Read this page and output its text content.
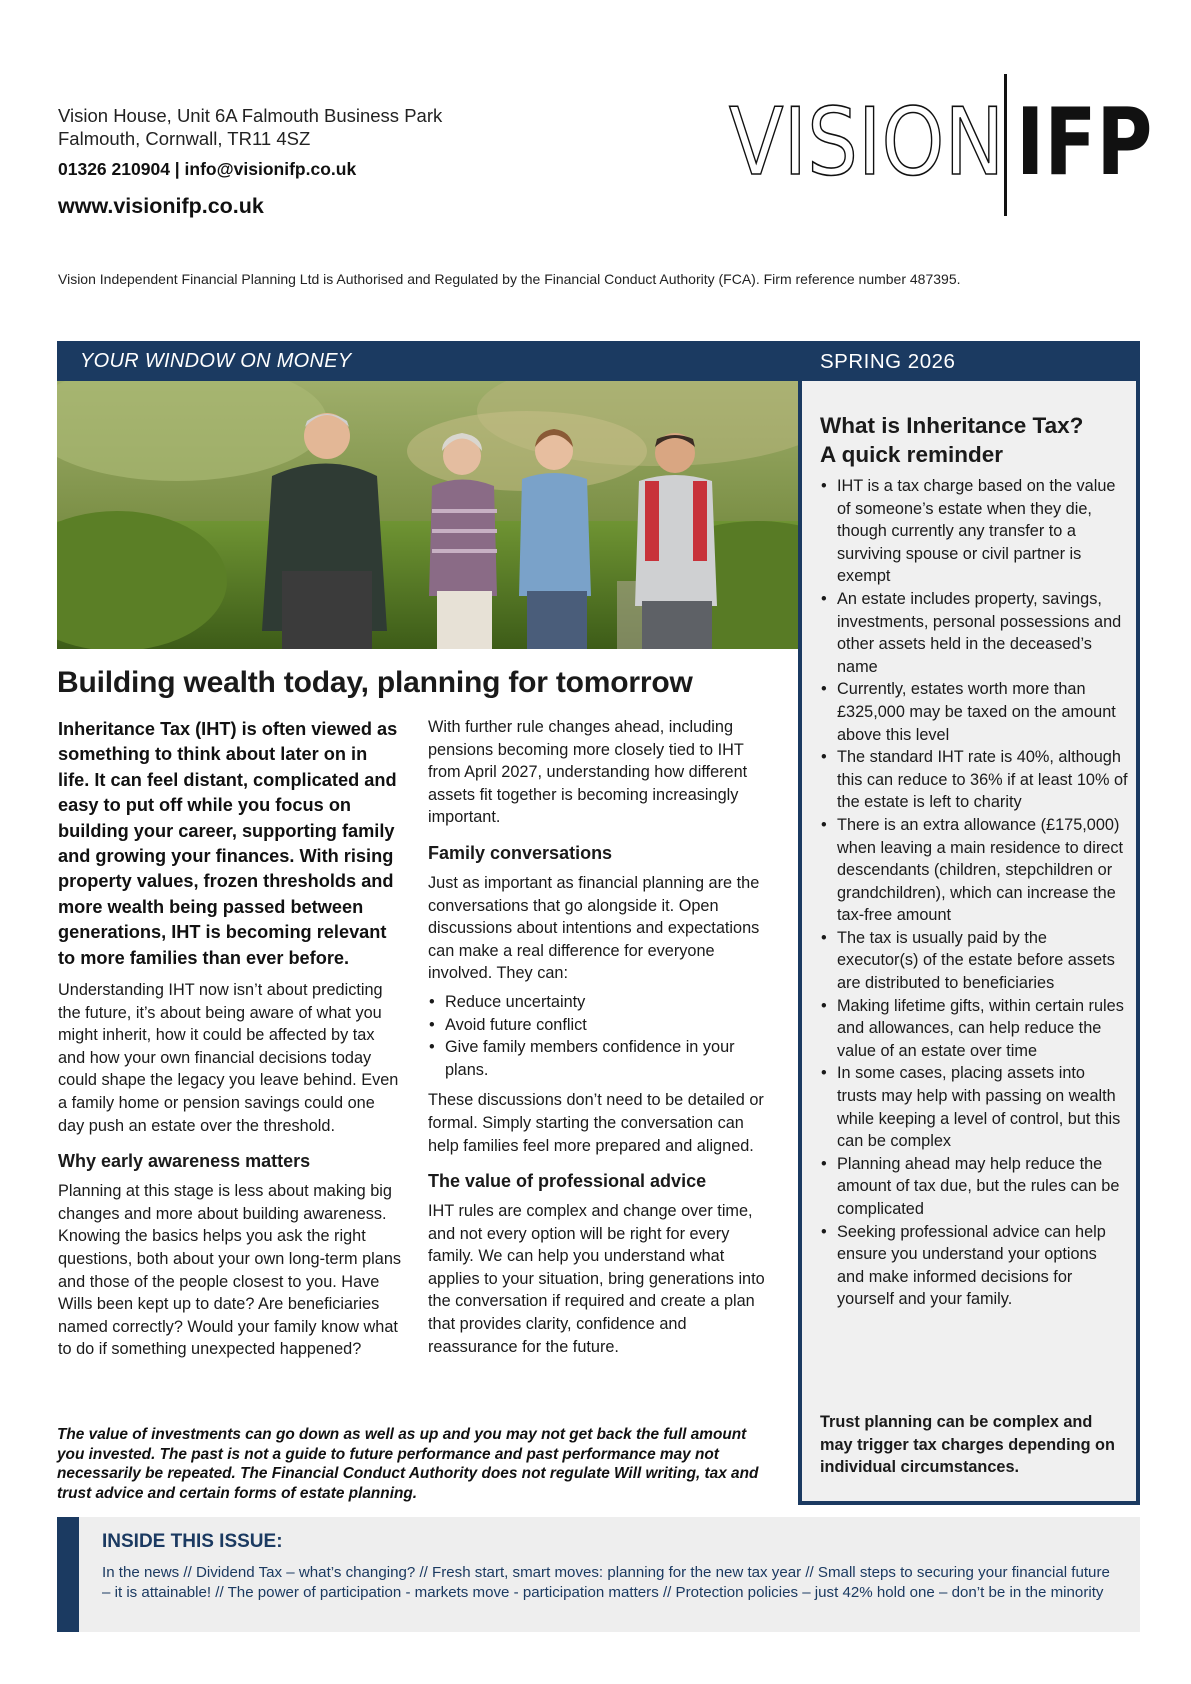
Vision House, Unit 6A Falmouth Business Park
Falmouth, Cornwall, TR11 4SZ
01326 210904 | info@visionifp.co.uk
www.visionifp.co.uk
VISION IFP
Vision Independent Financial Planning Ltd is Authorised and Regulated by the Financial Conduct Authority (FCA). Firm reference number 487395.
YOUR WINDOW ON MONEY	SPRING 2026
What is Inheritance Tax?
A quick reminder
• IHT is a tax charge based on the value of someone’s estate when they die, though currently any transfer to a surviving spouse or civil partner is exempt
• An estate includes property, savings, investments, personal possessions and other assets held in the deceased’s name
• Currently, estates worth more than £325,000 may be taxed on the amount above this level
• The standard IHT rate is 40%, although this can reduce to 36% if at least 10% of the estate is left to charity
• There is an extra allowance (£175,000) when leaving a main residence to direct descendants (children, stepchildren or grandchildren), which can increase the tax-free amount
• The tax is usually paid by the executor(s) of the estate before assets are distributed to beneficiaries
• Making lifetime gifts, within certain rules and allowances, can help reduce the value of an estate over time
• In some cases, placing assets into trusts may help with passing on wealth while keeping a level of control, but this can be complex
• Planning ahead may help reduce the amount of tax due, but the rules can be complicated
• Seeking professional advice can help ensure you understand your options and make informed decisions for yourself and your family.
Trust planning can be complex and may trigger tax charges depending on individual circumstances.
Building wealth today, planning for tomorrow
Inheritance Tax (IHT) is often viewed as something to think about later on in life. It can feel distant, complicated and easy to put off while you focus on building your career, supporting family and growing your finances. With rising property values, frozen thresholds and more wealth being passed between generations, IHT is becoming relevant to more families than ever before.
Understanding IHT now isn’t about predicting the future, it’s about being aware of what you might inherit, how it could be affected by tax and how your own financial decisions today could shape the legacy you leave behind. Even a family home or pension savings could one day push an estate over the threshold.
Why early awareness matters
Planning at this stage is less about making big changes and more about building awareness. Knowing the basics helps you ask the right questions, both about your own long-term plans and those of the people closest to you. Have Wills been kept up to date? Are beneficiaries named correctly? Would your family know what to do if something unexpected happened?
With further rule changes ahead, including pensions becoming more closely tied to IHT from April 2027, understanding how different assets fit together is becoming increasingly important.
Family conversations
Just as important as financial planning are the conversations that go alongside it. Open discussions about intentions and expectations can make a real difference for everyone involved. They can:
• Reduce uncertainty
• Avoid future conflict
• Give family members confidence in your plans.
These discussions don’t need to be detailed or formal. Simply starting the conversation can help families feel more prepared and aligned.
The value of professional advice
IHT rules are complex and change over time, and not every option will be right for every family. We can help you understand what applies to your situation, bring generations into the conversation if required and create a plan that provides clarity, confidence and reassurance for the future.
The value of investments can go down as well as up and you may not get back the full amount you invested. The past is not a guide to future performance and past performance may not necessarily be repeated. The Financial Conduct Authority does not regulate Will writing, tax and trust advice and certain forms of estate planning.
INSIDE THIS ISSUE:
In the news // Dividend Tax – what’s changing? // Fresh start, smart moves: planning for the new tax year // Small steps to securing your financial future – it is attainable! // The power of participation - markets move - participation matters // Protection policies – just 42% hold one – don’t be in the minority
